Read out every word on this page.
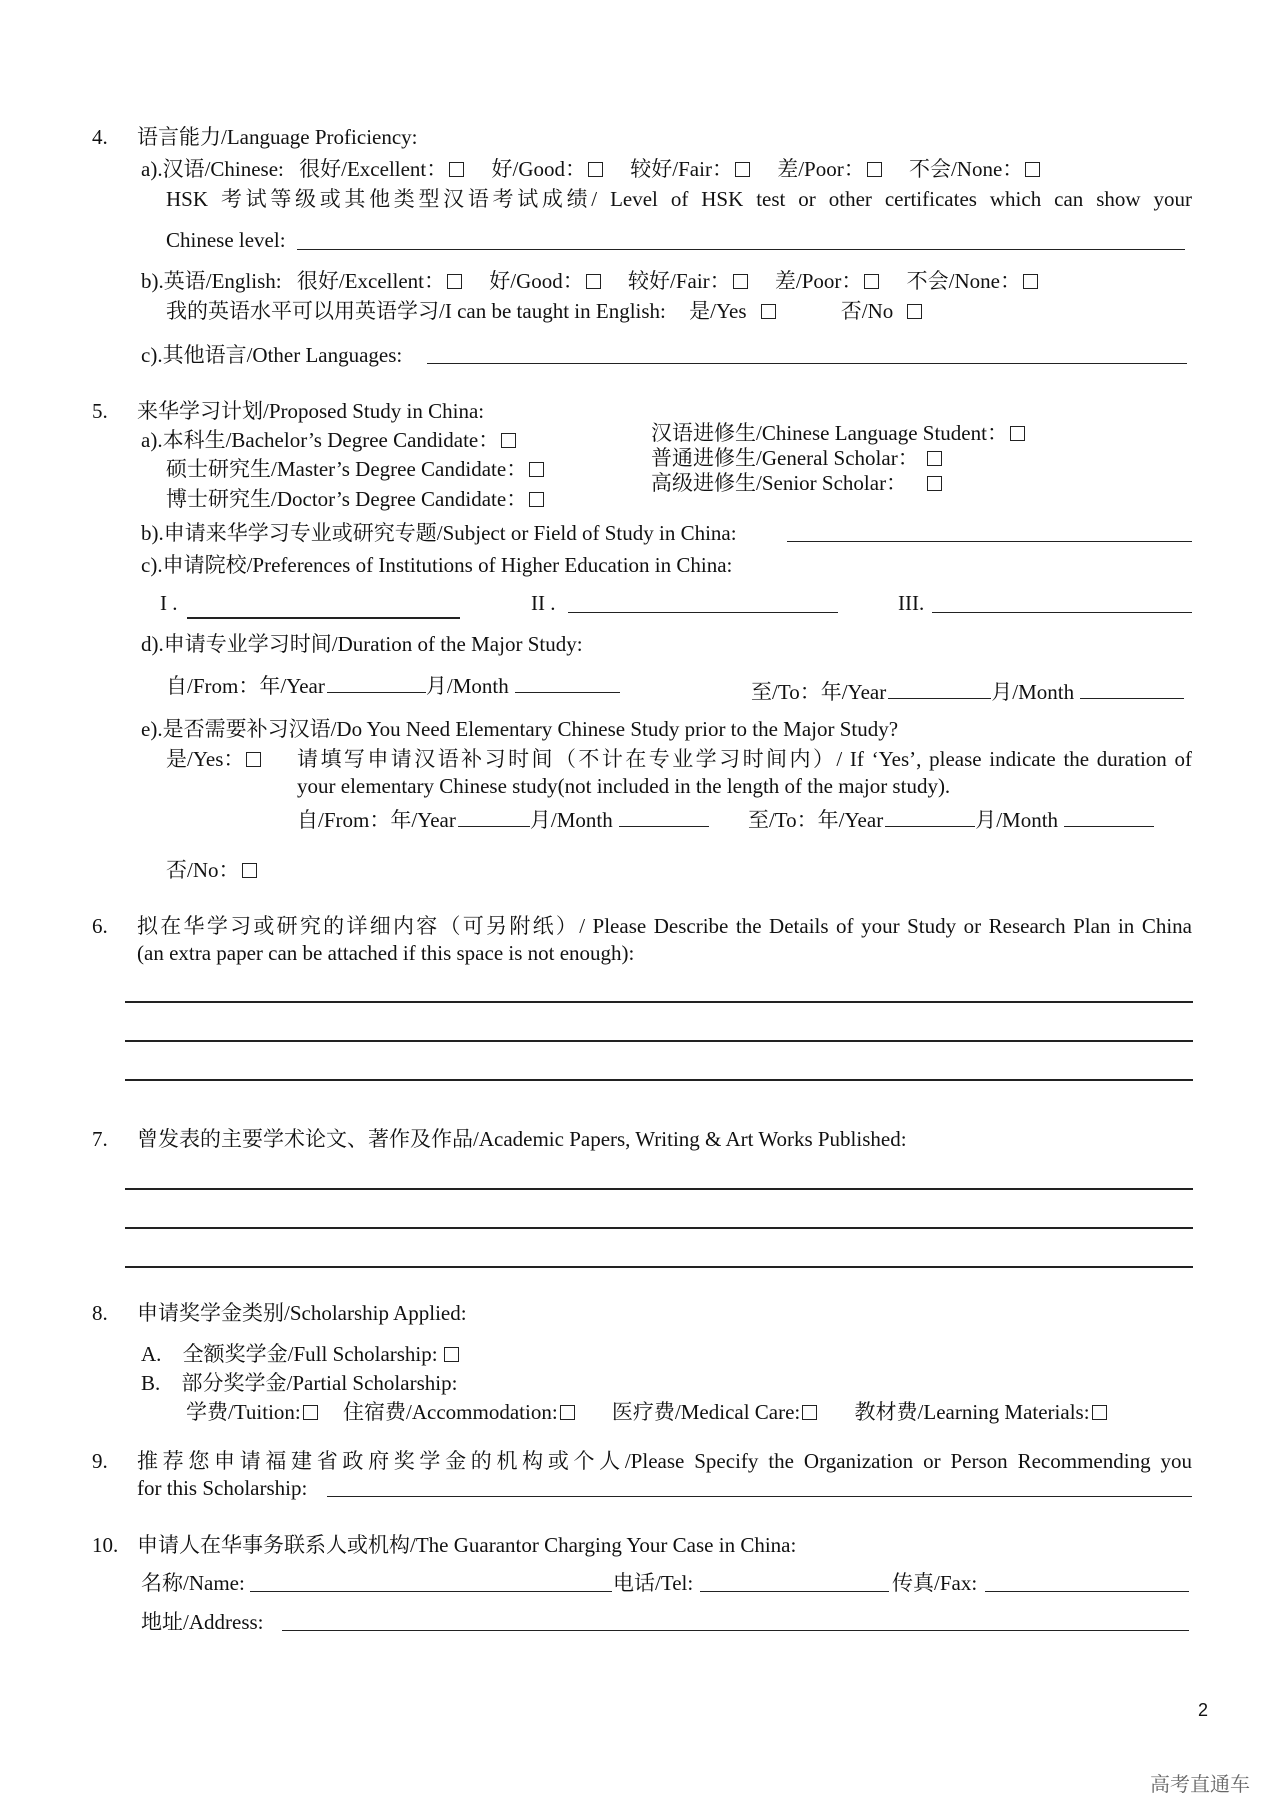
4. 语言能力/Language Proficiency:
a).汉语/Chinese: 很好/Excellent： 好/Good： 较好/Fair： 差/Poor： 不会/None：
HSK 考试等级或其他类型汉语考试成绩/ Level of HSK test or other certificates which can show your
Chinese level:
b).英语/English: 很好/Excellent： 好/Good： 较好/Fair： 差/Poor： 不会/None：
我的英语水平可以用英语学习/I can be taught in English: 是/Yes	否/No
c).其他语言/Other Languages:
5. 来华学习计划/Proposed Study in China:
a).本科生/Bachelor’s Degree Candidate：
硕士研究生/Master’s Degree Candidate：
博士研究生/Doctor’s Degree Candidate：
汉语进修生/Chinese Language Student：
普通进修生/General Scholar：
高级进修生/Senior Scholar：
b).申请来华学习专业或研究专题/Subject or Field of Study in China:
c).申请院校/Preferences of Institutions of Higher Education in China:
I .	II .	III.
d).申请专业学习时间/Duration of the Major Study:
自/From：年/Year	月/Month	至/To：年/Year	月/Month
e).是否需要补习汉语/Do You Need Elementary Chinese Study prior to the Major Study?
是/Yes：	请填写申请汉语补习时间（不计在专业学习时间内）/ If ‘Yes’, please indicate the duration of
your elementary Chinese study(not included in the length of the major study).
自/From：年/Year	月/Month	至/To：年/Year	月/Month
否/No：
6. 拟在华学习或研究的详细内容（可另附纸）/ Please Describe the Details of your Study or Research Plan in China
(an extra paper can be attached if this space is not enough):
7. 曾发表的主要学术论文、著作及作品/Academic Papers, Writing & Art Works Published:
8. 申请奖学金类别/Scholarship Applied:
A. 全额奖学金/Full Scholarship:
B. 部分奖学金/Partial Scholarship:
学费/Tuition: 住宿费/Accommodation:	医疗费/Medical Care:	教材费/Learning Materials:
9. 推荐您申请福建省政府奖学金的机构或个人/Please Specify the Organization or Person Recommending you
for this Scholarship:
10. 申请人在华事务联系人或机构/The Guarantor Charging Your Case in China:
名称/Name:	电话/Tel:	传真/Fax:
地址/Address:
2
高考直通车
